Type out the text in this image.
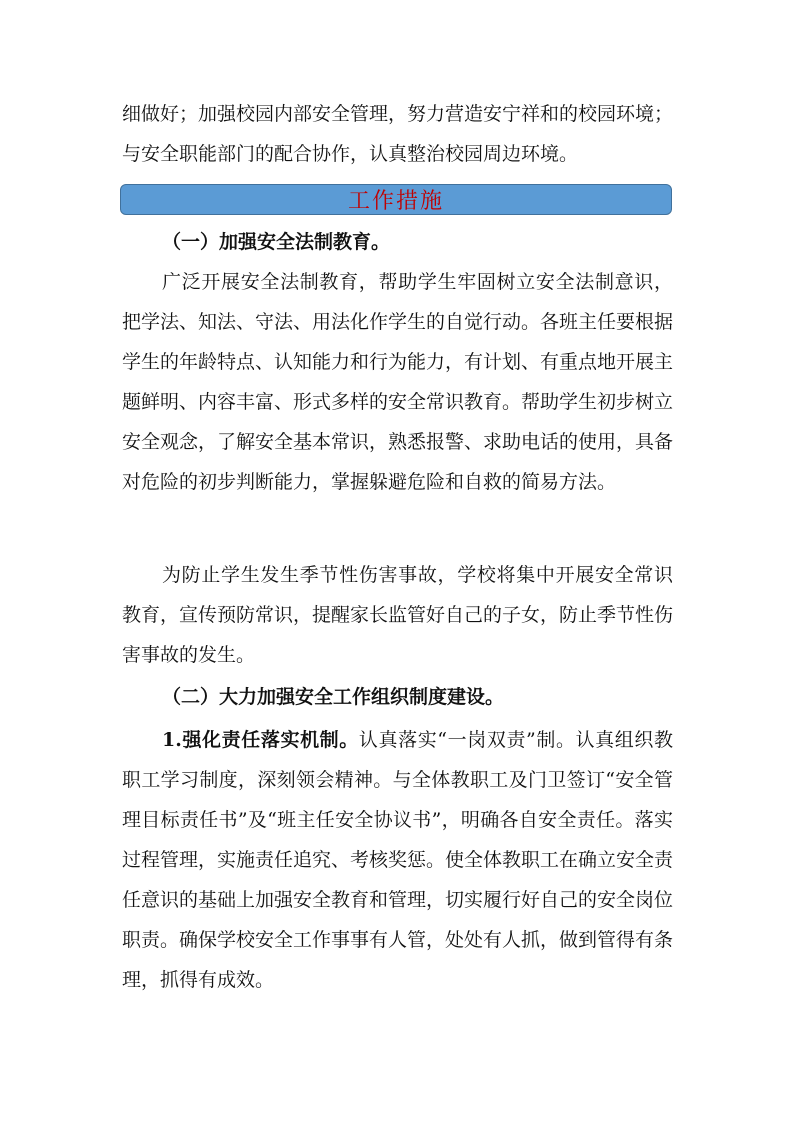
细做好；加强校园内部安全管理，努力营造安宁祥和的校园环境；与安全职能部门的配合协作，认真整治校园周边环境。

工作措施

（一）加强安全法制教育。

广泛开展安全法制教育，帮助学生牢固树立安全法制意识，把学法、知法、守法、用法化作学生的自觉行动。各班主任要根据学生的年龄特点、认知能力和行为能力，有计划、有重点地开展主题鲜明、内容丰富、形式多样的安全常识教育。帮助学生初步树立安全观念，了解安全基本常识，熟悉报警、求助电话的使用，具备对危险的初步判断能力，掌握躲避危险和自救的简易方法。

为防止学生发生季节性伤害事故，学校将集中开展安全常识教育，宣传预防常识，提醒家长监管好自己的子女，防止季节性伤害事故的发生。

（二）大力加强安全工作组织制度建设。

1.强化责任落实机制。认真落实“一岗双责”制。认真组织教职工学习制度，深刻领会精神。与全体教职工及门卫签订“安全管理目标责任书”及“班主任安全协议书”，明确各自安全责任。落实过程管理，实施责任追究、考核奖惩。使全体教职工在确立安全责任意识的基础上加强安全教育和管理，切实履行好自己的安全岗位职责。确保学校安全工作事事有人管，处处有人抓，做到管得有条理，抓得有成效。
